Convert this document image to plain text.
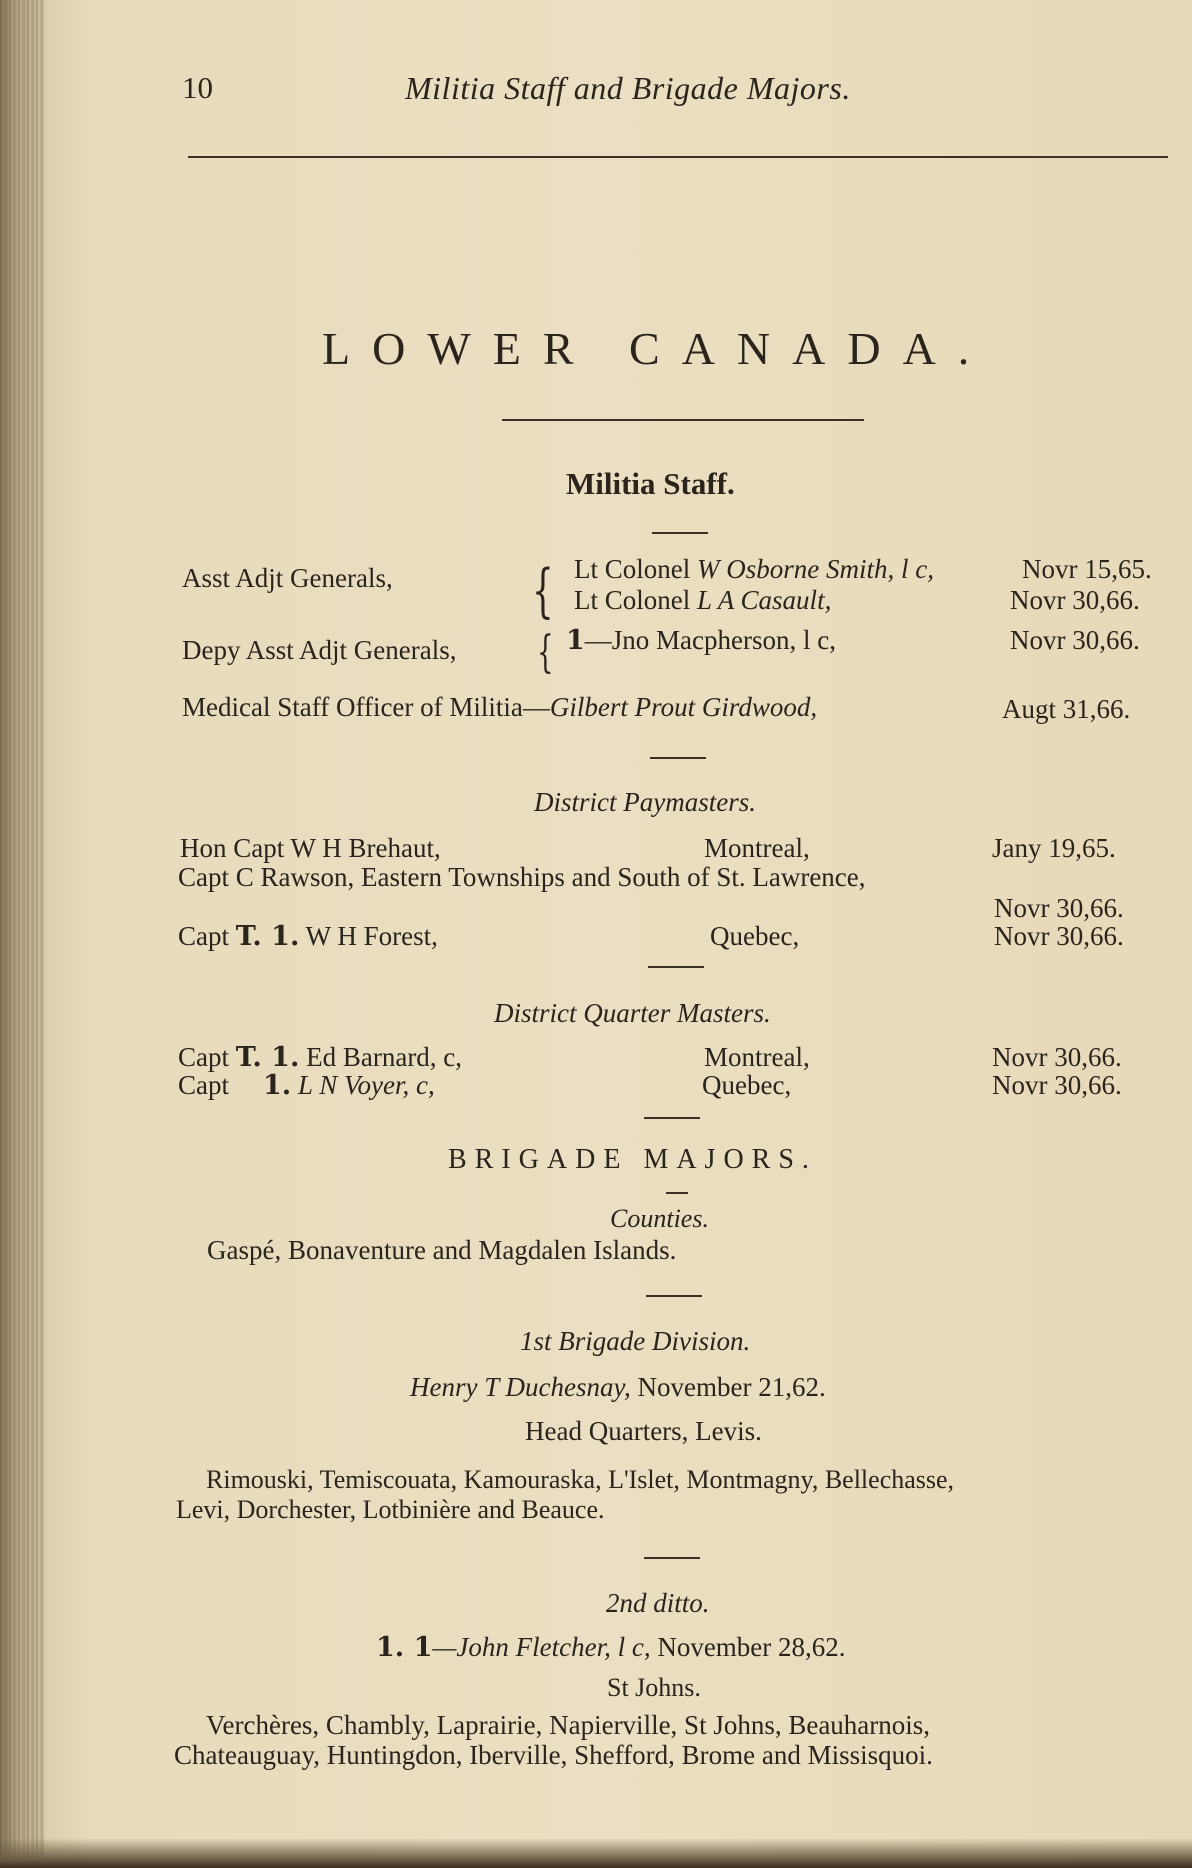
10	Militia Staff and Brigade Majors.
LOWER CANADA.
Militia Staff.
Asst Adjt Generals,	{ Lt Colonel W Osborne Smith, l c,	Novr 15,65.
Lt Colonel L A Casault,	Novr 30,66.
Depy Asst Adjt Generals,	{ 1—Jno Macpherson, l c,	Novr 30,66.
Medical Staff Officer of Militia—Gilbert Prout Girdwood,	Augt 31,66.
District Paymasters.
Hon Capt W H Brehaut,	Montreal,	Jany 19,65.
Capt C Rawson, Eastern Townships and South of St. Lawrence,
Novr 30,66.
Capt T. 1. W H Forest,	Quebec,	Novr 30,66.
District Quarter Masters.
Capt T. 1. Ed Barnard, c,	Montreal,	Novr 30,66.
Capt 1. L N Voyer, c,	Quebec,	Novr 30,66.
BRIGADE MAJORS.
Counties.
Gaspé, Bonaventure and Magdalen Islands.
1st Brigade Division.
Henry T Duchesnay, November 21,62.
Head Quarters, Levis.
Rimouski, Temiscouata, Kamouraska, L'Islet, Montmagny, Bellechasse,
Levi, Dorchester, Lotbinière and Beauce.
2nd ditto.
1. 1—John Fletcher, l c, November 28,62.
St Johns.
Verchères, Chambly, Laprairie, Napierville, St Johns, Beauharnois,
Chateauguay, Huntingdon, Iberville, Shefford, Brome and Missisquoi.
